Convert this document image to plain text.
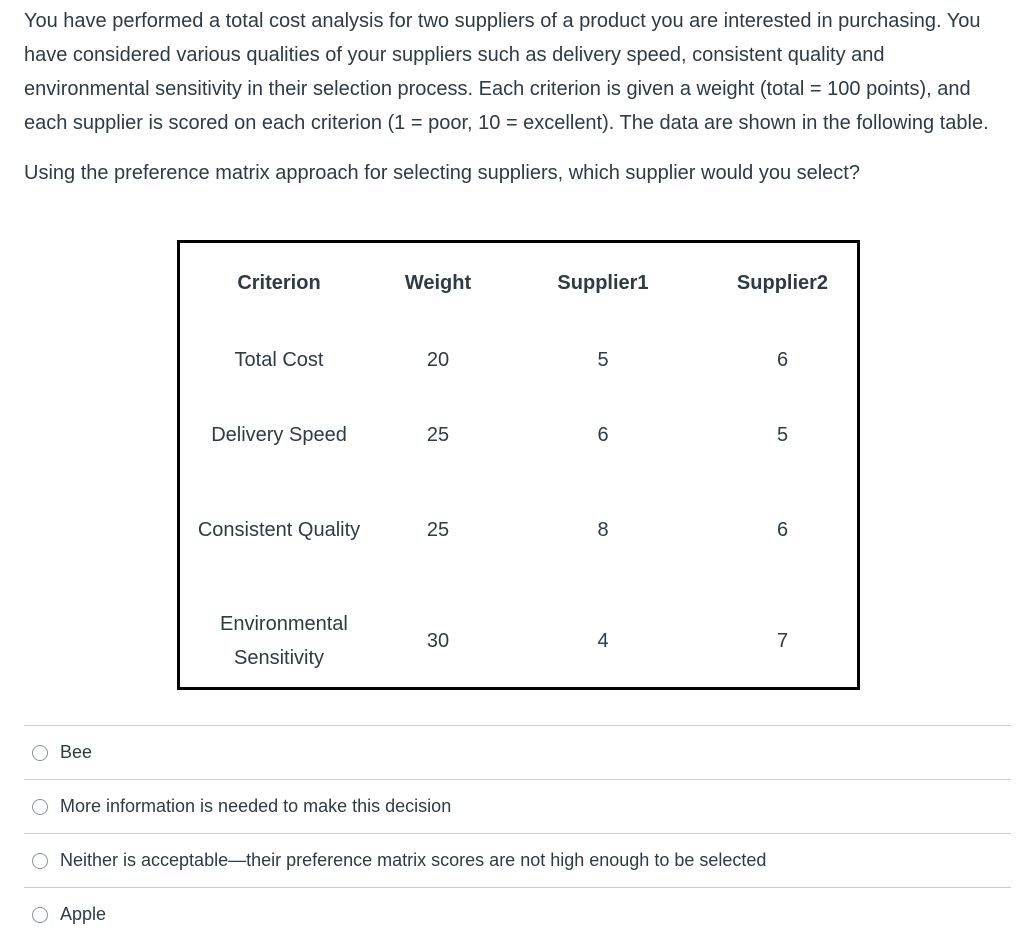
You have performed a total cost analysis for two suppliers of a product you are interested in purchasing. You have considered various qualities of your suppliers such as delivery speed, consistent quality and environmental sensitivity in their selection process. Each criterion is given a weight (total = 100 points), and each supplier is scored on each criterion (1 = poor, 10 = excellent). The data are shown in the following table.

Using the preference matrix approach for selecting suppliers, which supplier would you select?

Criterion	Weight	Supplier1	Supplier2
Total Cost	20	5	6
Delivery Speed	25	6	5
Consistent Quality	25	8	6
Environmental Sensitivity	30	4	7
Bee
More information is needed to make this decision
Neither is acceptable—their preference matrix scores are not high enough to be selected
Apple
